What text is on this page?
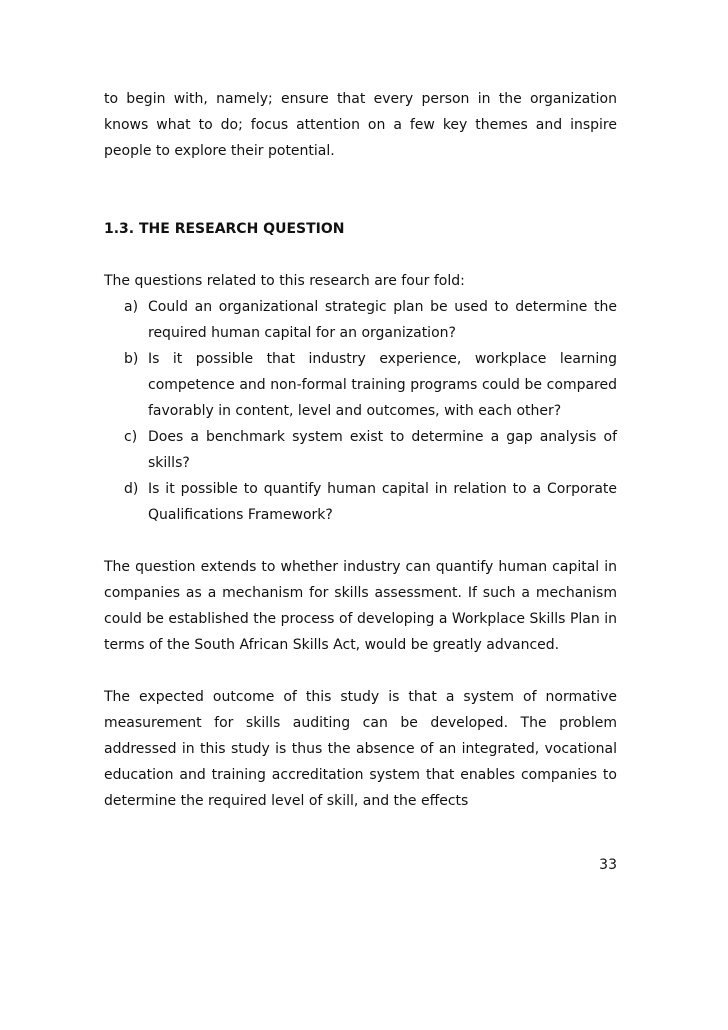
to begin with, namely; ensure that every person in the organization knows what to do; focus attention on a few key themes and inspire people to explore their potential.

1.3. THE RESEARCH QUESTION

The questions related to this research are four fold:

a) Could an organizational strategic plan be used to determine the required human capital for an organization?
b) Is it possible that industry experience, workplace learning competence and non-formal training programs could be compared favorably in content, level and outcomes, with each other?
c) Does a benchmark system exist to determine a gap analysis of skills?
d) Is it possible to quantify human capital in relation to a Corporate Qualifications Framework?

The question extends to whether industry can quantify human capital in companies as a mechanism for skills assessment. If such a mechanism could be established the process of developing a Workplace Skills Plan in terms of the South African Skills Act, would be greatly advanced.

The expected outcome of this study is that a system of normative measurement for skills auditing can be developed. The problem addressed in this study is thus the absence of an integrated, vocational education and training accreditation system that enables companies to determine the required level of skill, and the effects

33
